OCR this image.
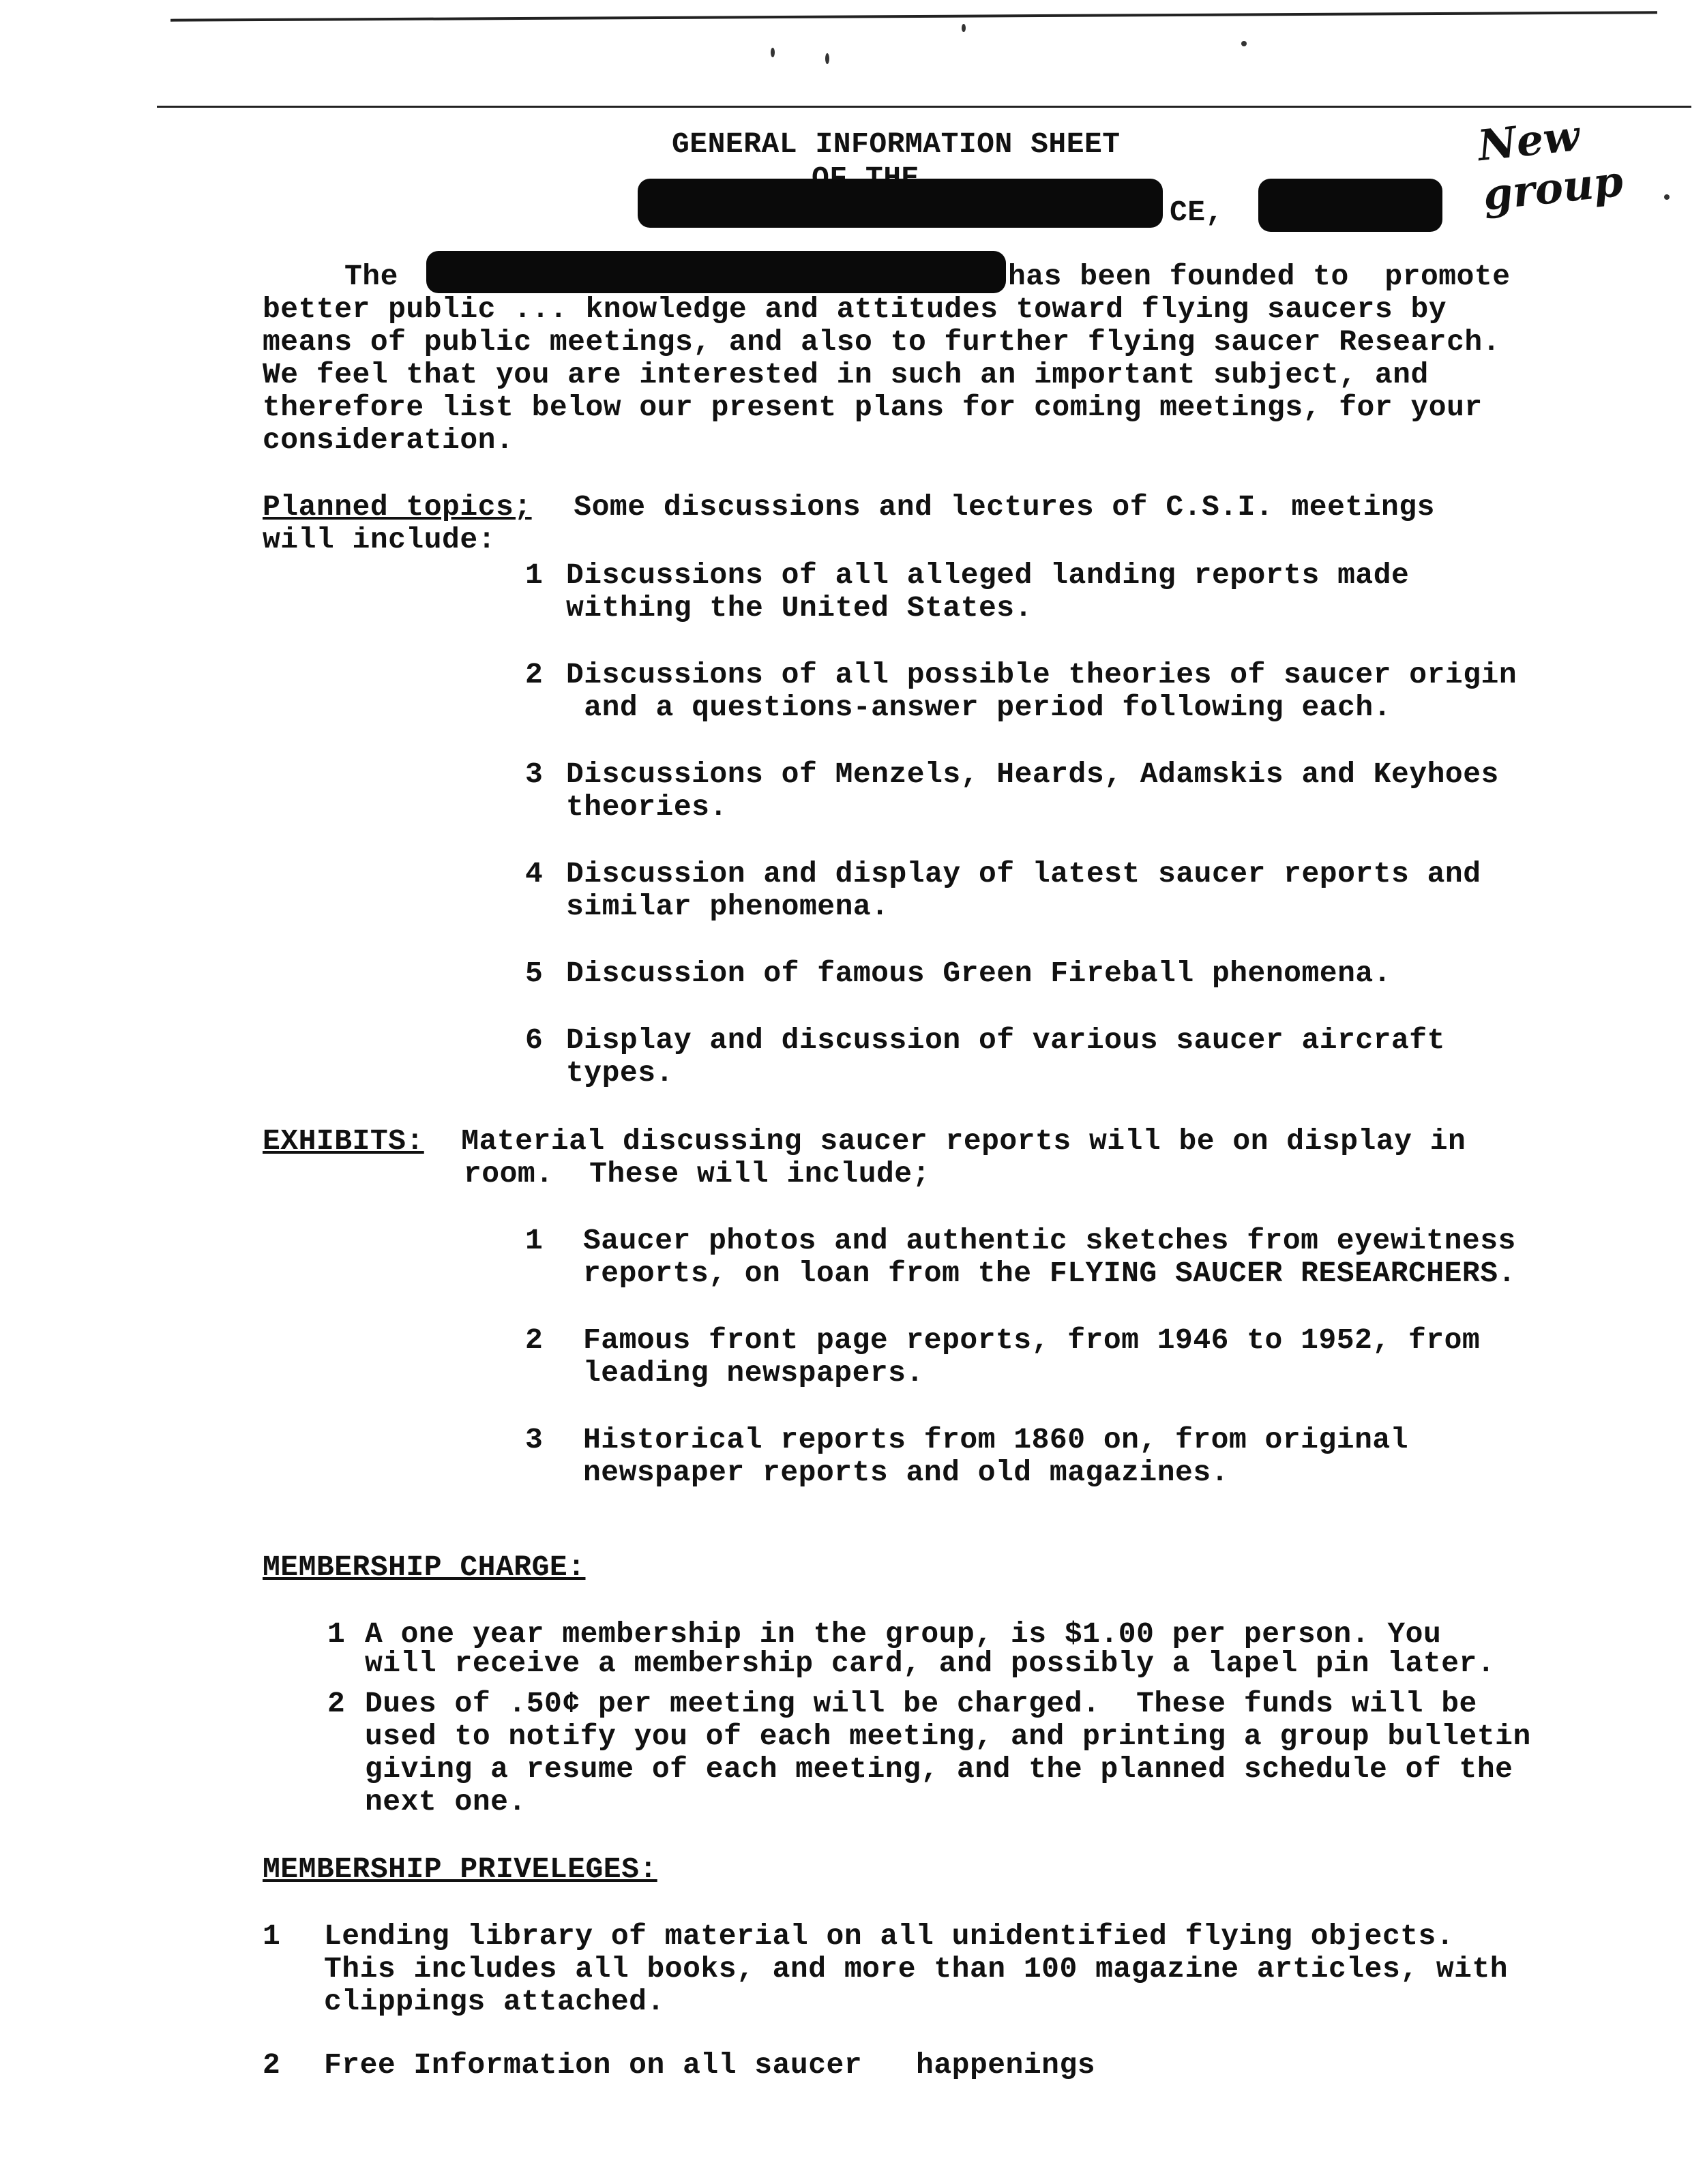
GENERAL INFORMATION SHEET
CE,
New group
The	has been founded to  promote
better public ... knowledge and attitudes toward flying saucers by
means of public meetings, and also to further flying saucer Research.
We feel that you are interested in such an important subject, and
therefore list below our present plans for coming meetings, for your
consideration.
Planned topics; Some discussions and lectures of C.S.I. meetings
will include:
1 Discussions of all alleged landing reports made
withing the United States.
2 Discussions of all possible theories of saucer origin
and a questions-answer period following each.
3 Discussions of Menzels, Heards, Adamskis and Keyhoes
theories.
4 Discussion and display of latest saucer reports and
similar phenomena.
5 Discussion of famous Green Fireball phenomena.
6 Display and discussion of various saucer aircraft
types.
EXHIBITS: Material discussing saucer reports will be on display in
room.  These will include;
1 Saucer photos and authentic sketches from eyewitness
reports, on loan from the FLYING SAUCER RESEARCHERS.
2 Famous front page reports, from 1946 to 1952, from
leading newspapers.
3 Historical reports from 1860 on, from original
newspaper reports and old magazines.
MEMBERSHIP CHARGE:
1 A one year membership in the group, is $1.00 per person. You
will receive a membership card, and possibly a lapel pin later.
2 Dues of .50¢ per meeting will be charged.  These funds will be
used to notify you of each meeting, and printing a group bulletin
giving a resume of each meeting, and the planned schedule of the
next one.
MEMBERSHIP PRIVELEGES:
1 Lending library of material on all unidentified flying objects.
This includes all books, and more than 100 magazine articles, with
clippings attached.
2 Free Information on all saucer   happenings
